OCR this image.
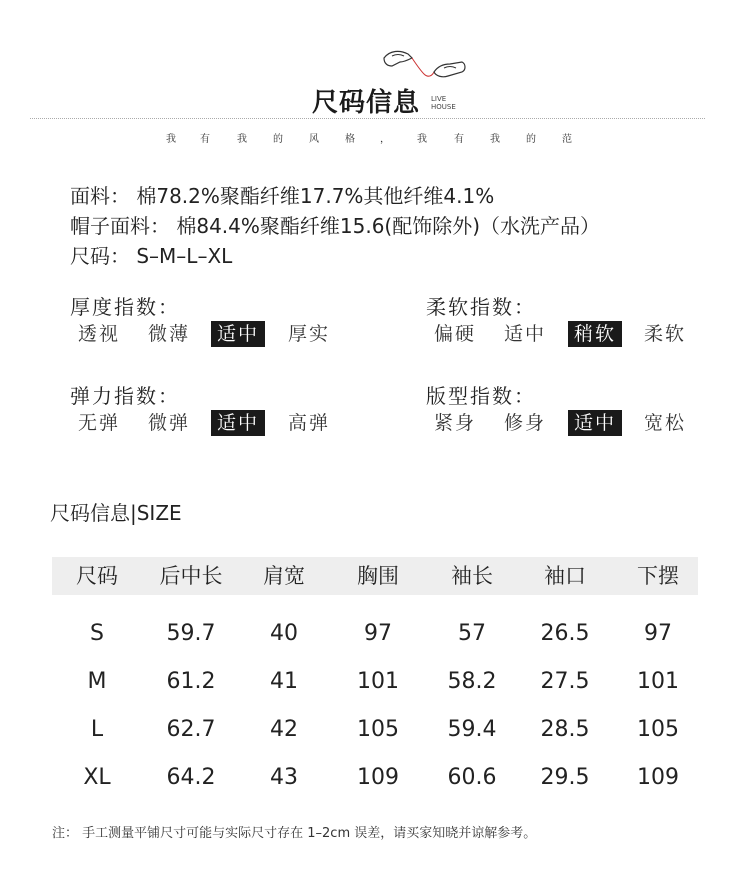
尺码信息 LIVE
HOUSE
我 有	我	的	风	格	，	我	有	我	的	范
面料： 棉78.2%聚酯纤维17.7%其他纤维4.1%
帽子面料： 棉84.4%聚酯纤维15.6(配饰除外)（水洗产品）
尺码： S–M–L–XL
厚度指数：
透视 微薄	适中	厚实
柔软指数：
偏硬 适中	稍软	柔软
弹力指数：
无弹 微弹	适中	高弹
版型指数：
紧身 修身	适中	宽松
尺码信息|SIZE
尺码	后中长	肩宽	胸围	袖长	袖口	下摆
S	59.7	40	97	57	26.5	97
M	61.2	41	101	58.2	27.5	101
L	62.7	42	105	59.4	28.5	105
XL	64.2	43	109	60.6	29.5	109
注： 手工测量平铺尺寸可能与实际尺寸存在 1–2cm 误差，请买家知晓并谅解参考。
